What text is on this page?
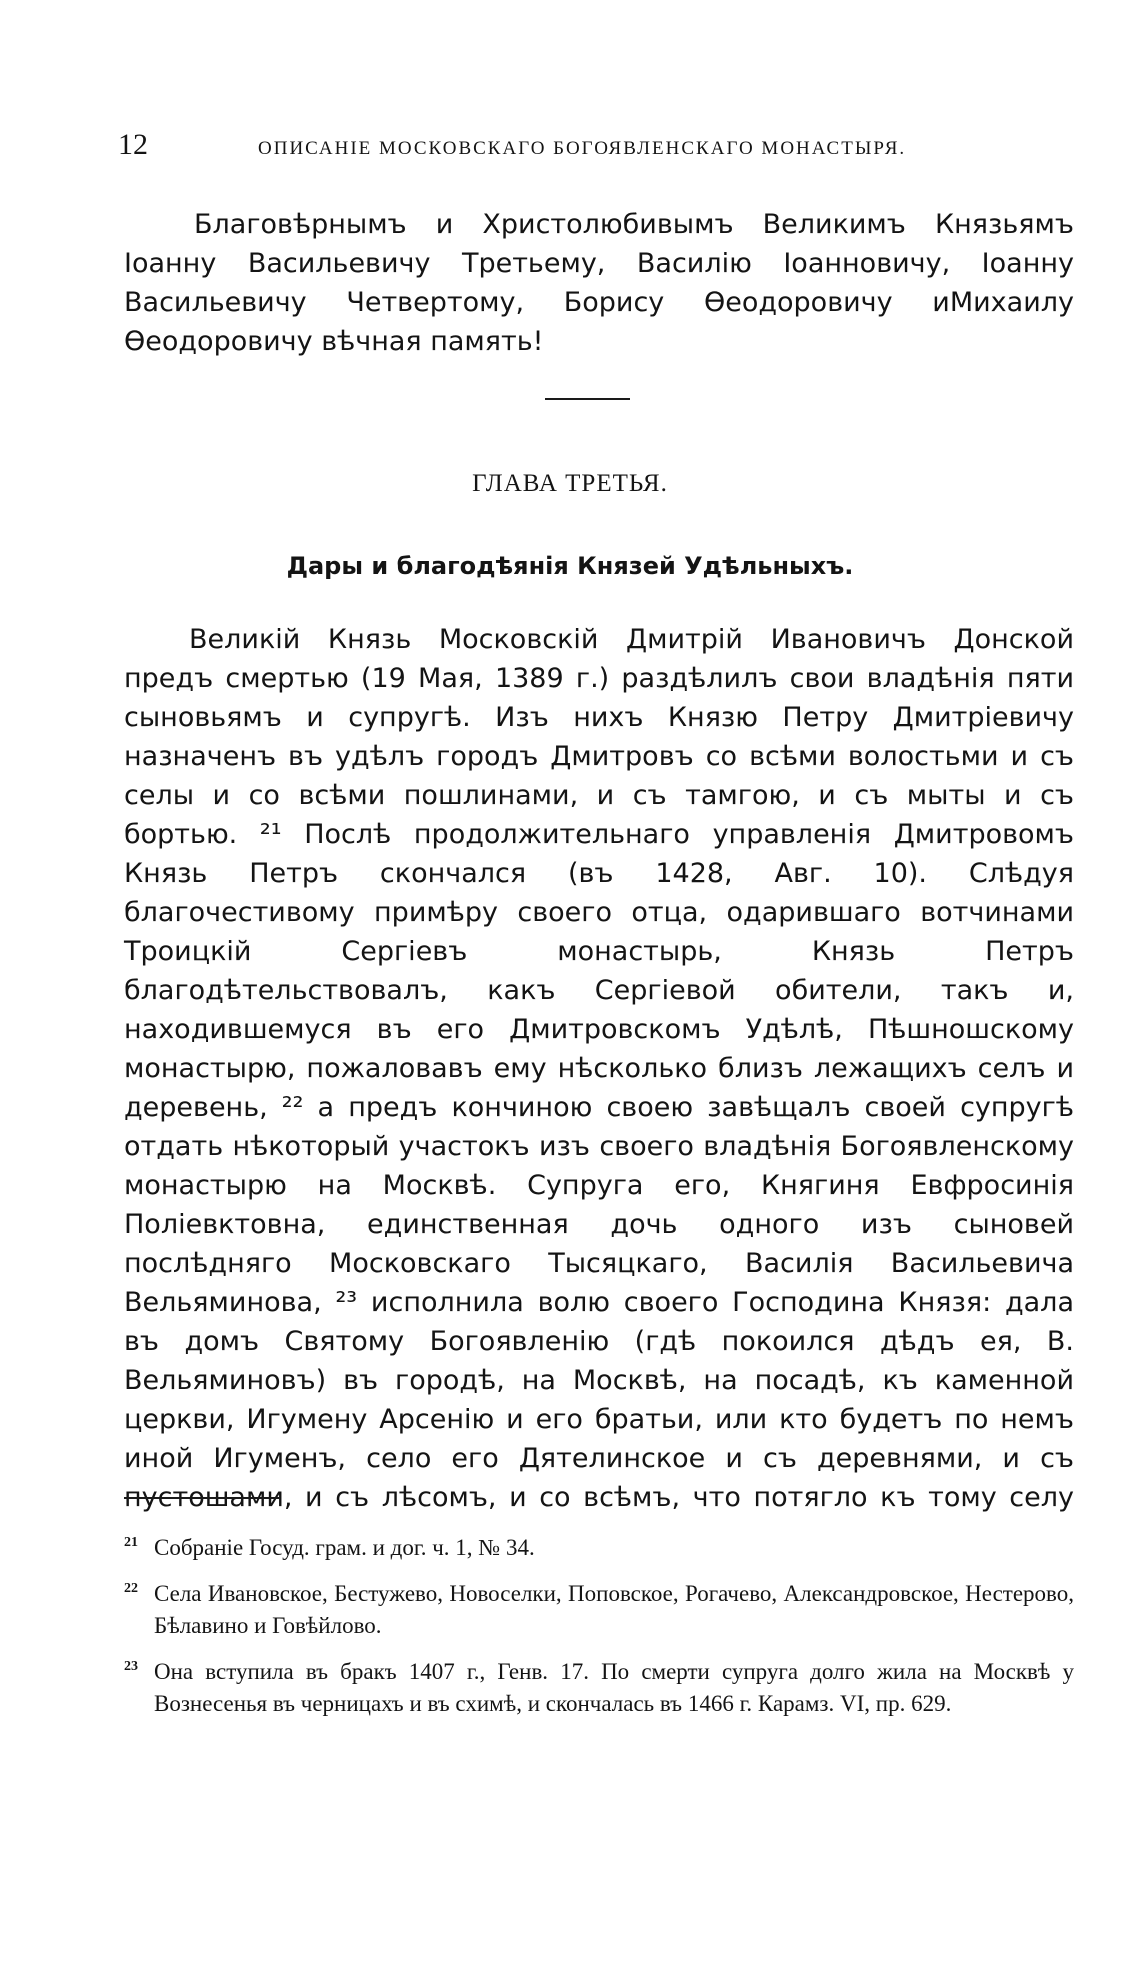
12	ОПИСАНІЕ МОСКОВСКАГО БОГОЯВЛЕНСКАГО МОНАСТЫРЯ.

Благовѣрнымъ и Христолюбивымъ Великимъ Князьямъ Іоанну Васильевичу Третьему, Василію Іоанновичу, Іоанну Васильевичу Четвертому, Борису Ѳеодоровичу иМихаилу Ѳеодоровичу вѣчная память!

ГЛАВА ТРЕТЬЯ.
Дары и благодѣянія Князей Удѣльныхъ.

Великій Князь Московскій Дмитрій Ивановичъ Донской предъ смертью (19 Мая, 1389 г.) раздѣлилъ свои владѣнія пяти сыновьямъ и супругѣ. Изъ нихъ Князю Петру Дмитріевичу назначенъ въ удѣлъ городъ Дмитровъ со всѣми волостьми и съ селы и со всѣми пошлинами, и съ тамгою, и съ мыты и съ бортью. ²¹ Послѣ продолжительнаго управленія Дмитровомъ Князь Петръ скончался (въ 1428, Авг. 10). Слѣдуя благочестивому примѣру своего отца, одарившаго вотчинами Троицкій Сергіевъ монастырь, Князь Петръ благодѣтельствовалъ, какъ Сергіевой обители, такъ и, находившемуся въ его Дмитровскомъ Удѣлѣ, Пѣшношскому монастырю, пожаловавъ ему нѣсколько близъ лежащихъ селъ и деревень, ²² а предъ кончиною своею завѣщалъ своей супругѣ отдать нѣкоторый участокъ изъ своего владѣнія Богоявленскому монастырю на Москвѣ. Супруга его, Княгиня Евфросинія Поліевктовна, единственная дочь одного изъ сыновей послѣдняго Московскаго Тысяцкаго, Василія Васильевича Вельяминова, ²³ исполнила волю своего Господина Князя: дала въ домъ Святому Богоявленію (гдѣ покоился дѣдъ ея, В. Вельяминовъ) въ городѣ, на Москвѣ, на посадѣ, къ каменной церкви, Игумену Арсенію и его братьи, или кто будетъ по немъ иной Игуменъ, село его Дятелинское и съ деревнями, и съ пустошами, и съ лѣсомъ, и со всѣмъ, что потягло къ тому селу

21 Собраніе Госуд. грам. и дог. ч. 1, № 34.

22 Села Ивановское, Бестужево, Новоселки, Поповское, Рогачево, Александровское, Нестерово, Бѣлавино и Говѣйлово.

23 Она вступила въ бракъ 1407 г., Генв. 17. По смерти супруга долго жила на Москвѣ у Вознесенья въ черницахъ и въ схимѣ, и скончалась въ 1466 г. Карамз. VI, пр. 629.
